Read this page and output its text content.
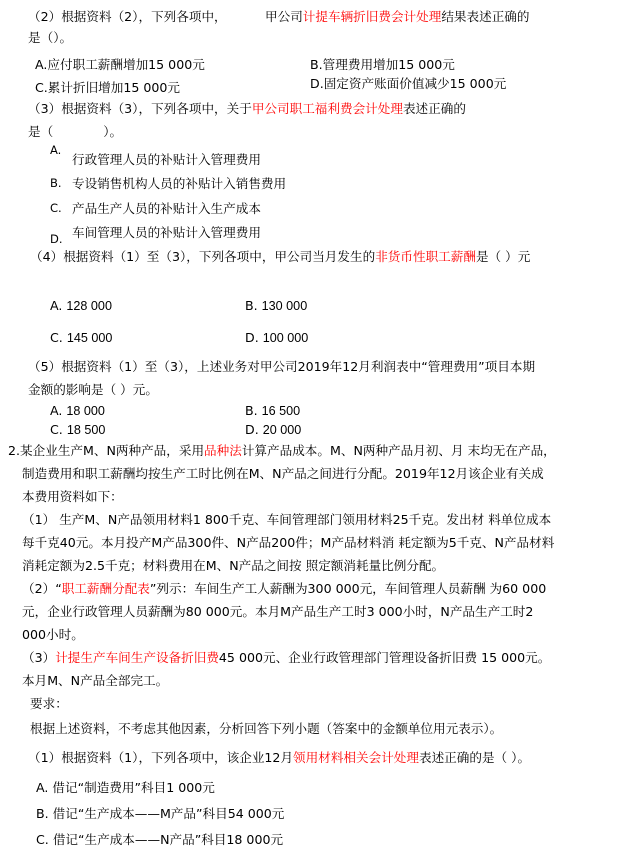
（2）根据资料（2），下列各项中，	甲公司计提车辆折旧费会计处理结果表述正确的
是（）。
A.应付职工薪酬增加15 000元	B.管理费用增加15 000元
C.累计折旧增加15 000元	D.固定资产账面价值减少15 000元
（3）根据资料（3），下列各项中，关于甲公司职工福利费会计处理表述正确的
是（	）。
A.
行政管理人员的补贴计入管理费用
B. 专设销售机构人员的补贴计入销售费用
C. 产品生产人员的补贴计入生产成本
D. 车间管理人员的补贴计入管理费用
（4）根据资料（1）至（3），下列各项中，甲公司当月发生的非货币性职工薪酬是（ ）元
A. 128 000	B. 130 000
C. 145 000	D. 100 000
（5）根据资料（1）至（3），上述业务对甲公司2019年12月利润表中“管理费用”项目本期
金额的影响是（ ）元。
A. 18 000	B. 16 500
C. 18 500	D. 20 000
2.某企业生产M、N两种产品，采用品种法计算产品成本。M、N两种产品月初、月 末均无在产品，
制造费用和职工薪酬均按生产工时比例在M、N产品之间进行分配。2019年12月该企业有关成
本费用资料如下：
（1） 生产M、N产品领用材料1 800千克、车间管理部门领用材料25千克。发出材 料单位成本
每千克40元。本月投产M产品300件、N产品200件；M产品材料消 耗定额为5千克、N产品材料
消耗定额为2.5千克；材料费用在M、N产品之间按 照定额消耗量比例分配。
（2）“职工薪酬分配表”列示：车间生产工人薪酬为300 000元，车间管理人员薪酬 为60 000
元，企业行政管理人员薪酬为80 000元。本月M产品生产工时3 000小时，N产品生产工时2
000小时。
（3）计提生产车间生产设备折旧费45 000元、企业行政管理部门管理设备折旧费 15 000元。
本月M、N产品全部完工。
要求：
根据上述资料，不考虑其他因素，分析回答下列小题（答案中的金额单位用元表示）。
（1）根据资料（1），下列各项中，该企业12月领用材料相关会计处理表述正确的是（ ）。
A. 借记“制造费用”科目1 000元
B. 借记“生产成本——M产品”科目54 000元
C. 借记“生产成本——N产品”科目18 000元
